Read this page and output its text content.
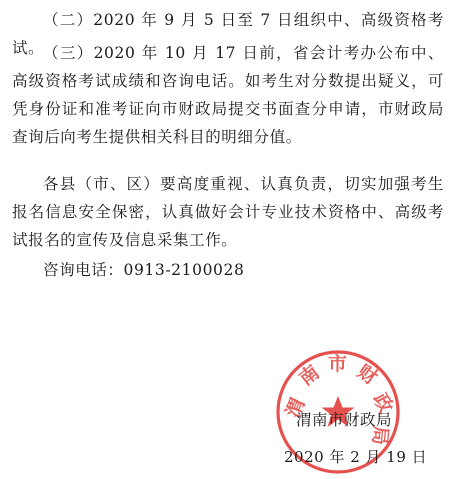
（二）2020 年 9 月 5 日至 7 日组织中、高级资格考试。

（三）2020 年 10 月 17 日前，省会计考办公布中、高级资格考试成绩和咨询电话。如考生对分数提出疑义，可凭身份证和准考证向市财政局提交书面查分申请，市财政局查询后向考生提供相关科目的明细分值。

各县（市、区）要高度重视、认真负责，切实加强考生报名信息安全保密，认真做好会计专业技术资格中、高级考试报名的宣传及信息采集工作。

咨询电话：0913-2100028

渭
南 市 财
政
局
渭南市财政局
2020 年 2 月 19 日
